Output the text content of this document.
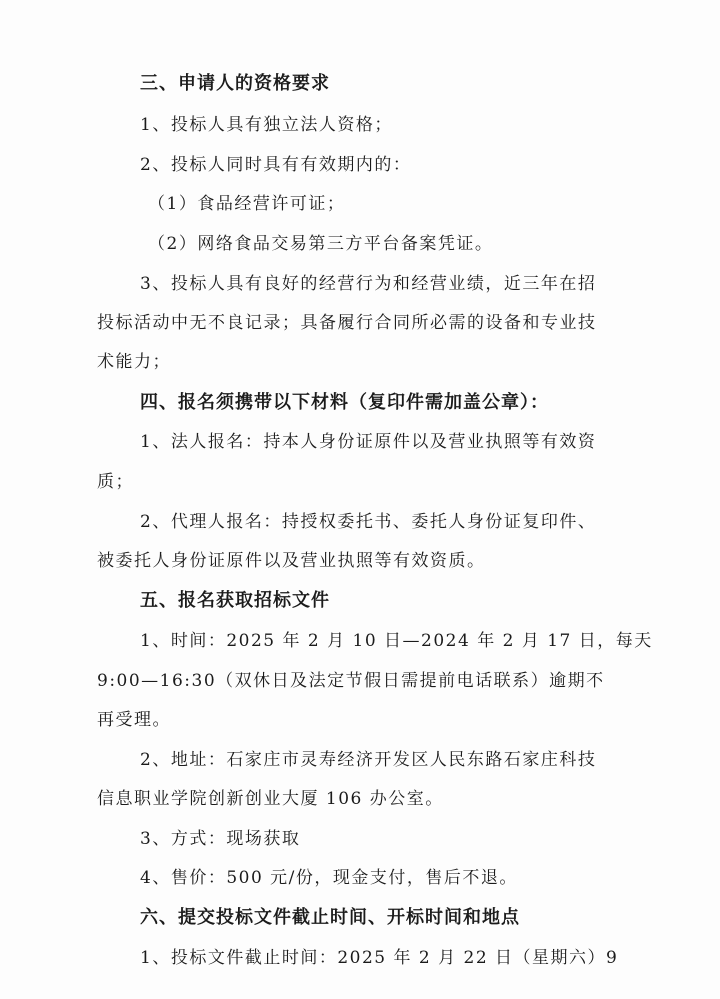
三、申请人的资格要求
1、投标人具有独立法人资格；
2、投标人同时具有有效期内的：
（1）食品经营许可证；
（2）网络食品交易第三方平台备案凭证。
3、投标人具有良好的经营行为和经营业绩，近三年在招
投标活动中无不良记录；具备履行合同所必需的设备和专业技
术能力；
四、报名须携带以下材料（复印件需加盖公章）：
1、法人报名：持本人身份证原件以及营业执照等有效资
质；
2、代理人报名：持授权委托书、委托人身份证复印件、
被委托人身份证原件以及营业执照等有效资质。
五、报名获取招标文件
1、时间：2025 年 2 月 10 日—2024 年 2 月 17 日，每天
9:00—16:30（双休日及法定节假日需提前电话联系）逾期不
再受理。
2、地址：石家庄市灵寿经济开发区人民东路石家庄科技
信息职业学院创新创业大厦 106 办公室。
3、方式：现场获取
4、售价：500 元/份，现金支付，售后不退。
六、提交投标文件截止时间、开标时间和地点
1、投标文件截止时间：2025 年 2 月 22 日（星期六）9
